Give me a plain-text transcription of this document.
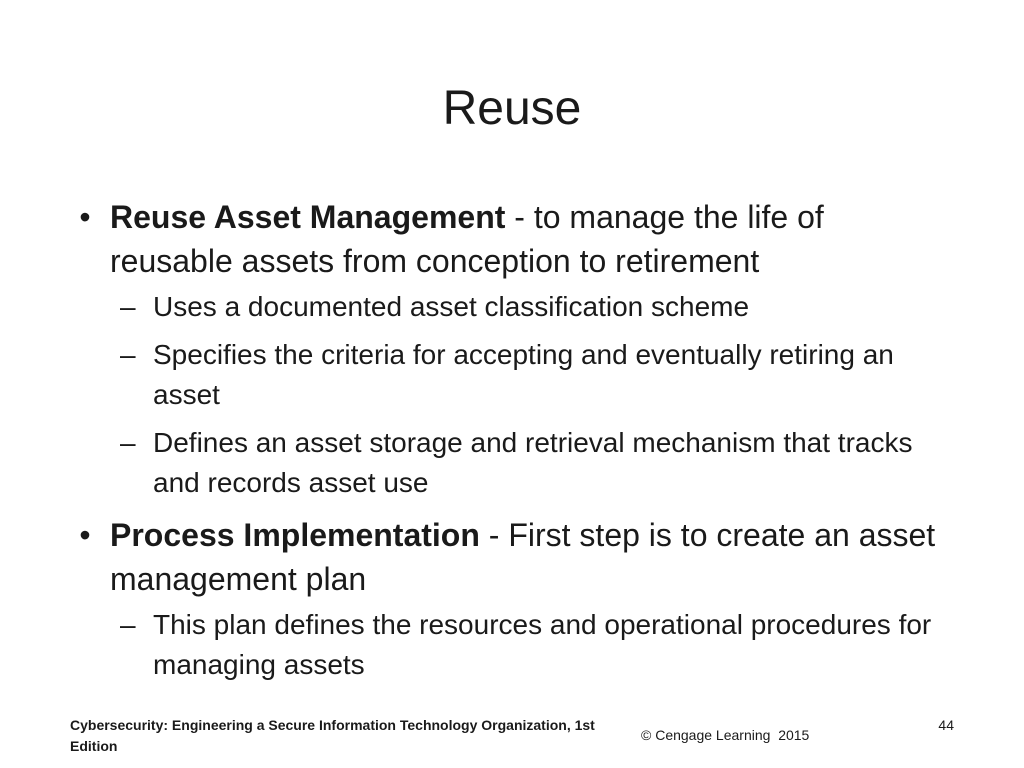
Reuse
• Reuse Asset Management - to manage the life of reusable assets from conception to retirement
– Uses a documented asset classification scheme
– Specifies the criteria for accepting and eventually retiring an asset
– Defines an asset storage and retrieval mechanism that tracks and records asset use
• Process Implementation - First step is to create an asset management plan
– This plan defines the resources and operational procedures for managing assets
Cybersecurity: Engineering a Secure Information Technology Organization, 1st Edition
© Cengage Learning  2015
44
